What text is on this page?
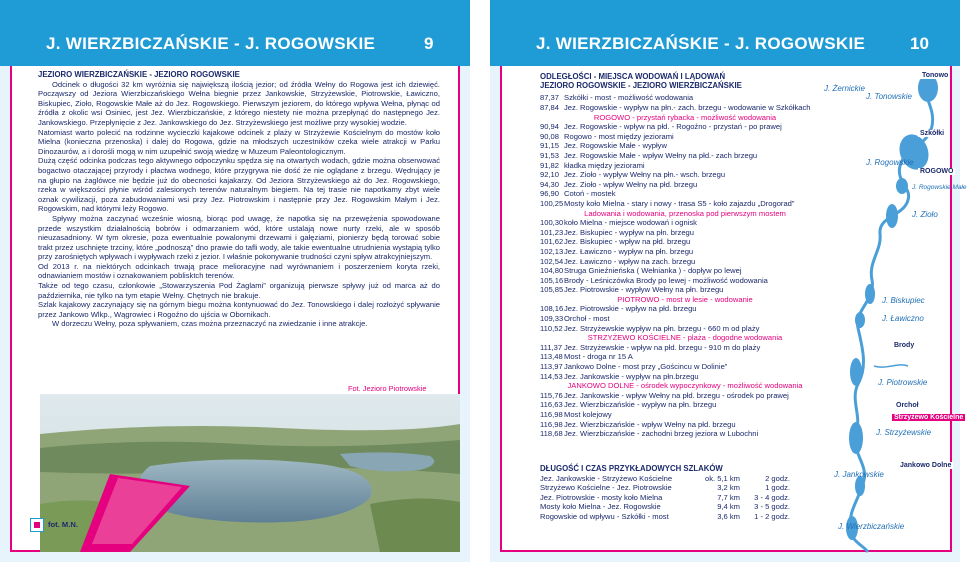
J. WIERZBICZAŃSKIE - J. ROGOWSKIE	9
JEZIORO WIERZBICZAŃSKIE - JEZIORO ROGOWSKIE

Odcinek o długości 32 km wyróżnia się największą ilością jezior; od źródła Wełny do Rogowa jest ich dziewięć. Począwszy od Jeziora Wierzbiczańskiego Wełna biegnie przez Jankowskie, Strzyżewskie, Piotrowskie, Ławiczno, Biskupiec, Zioło, Rogowskie Małe aż do Jez. Rogowskiego. Pierwszym jeziorem, do którego wpływa Wełna, płynąc od źródła z okolic wsi Osiniec, jest Jez. Wierzbiczańskie, z którego niestety nie można przepłynąć do następnego Jez. Jankowskiego. Przepłynięcie z Jez. Jankowskiego do Jez. Strzyżewskiego jest możliwe przy wysokiej wodzie.

Natomiast warto polecić na rodzinne wycieczki kajakowe odcinek z plaży w Strzyżewie Kościelnym do mostów koło Mielna (konieczna przenoska) i dalej do Rogowa, gdzie na młodszych uczestników czeka wiele atrakcji w Parku Dinozaurów, a i dorośli mogą w nim uzupełnić swoją wiedzę w Muzeum Paleontologicznym.

Dużą część odcinka podczas tego aktywnego odpoczynku spędza się na otwartych wodach, gdzie można obserwować bogactwo otaczającej przyrody i płactwa wodnego, które przygrywa nie dość że nie oglądane z brzegu. Wędrujący je na głupio na żaglówce nie będzie już do obecności kajakarzy. Od Jeziora Strzyżewskiego aż do Jez. Rogowskiego, rzeka w większości płynie wśród zalesionych terenów naturalnym biegiem. Na tej trasie nie napotkamy zbyt wiele oznak cywilizacji, poza zabudowaniami wsi przy Jez. Piotrowskim i następnie przy Jez. Rogowskim Małym i Jez. Rogowskim, nad którymi leży Rogowo.

Spływy można zaczynać wcześnie wiosną, biorąc pod uwagę, że napotka się na przewężenia spowodowane przede wszystkim działalnością bobrów i odmarzaniem wód, które ustalają nowe nurty rzeki, ale w sposób nieuzasadniony. W tym okresie, poza ewentualnie powalonymi drzewami i gałęziami, pionierzy będą torować sobie trakt przez uschnięte trzciny, które „podnoszą” dno prawie do tafli wody, ale takie ewentualne utrudnienia wystąpią tylko przy zarośniętych wpływach i wypływach rzeki z jezior. I właśnie pokonywanie trudności czyni spływ atrakcyjniejszym.

Od 2013 r. na niektórych odcinkach trwają prace melioracyjne nad wyrównaniem i poszerzeniem koryta rzeki, odnawianiem mostów i oznakowaniem poblisktch terenów.

Także od tego czasu, członkowie „Stowarzyszenia Pod Żaglami” organizują pierwsze spływy już od marca aż do października, nie tylko na tym etapie Wełny. Chętnych nie brakuje.

Szlak kajakowy zaczynający się na górnym biegu można kontynuować do Jez. Tonowskiego i dalej rozłożyć spływanie przez Jankowo Wlkp., Wągrowiec i Rogoźno do ujścia w Obornikach.

W dorzeczu Wełny, poza spływaniem, czas można przeznaczyć na zwiedzanie i inne atrakcje.

Fot. Jezioro Piotrowskie
fot. M.N.
J. WIERZBICZAŃSKIE - J. ROGOWSKIE	10
ODLEGŁOŚCI - MIEJSCA WODOWAŃ I LĄDOWAŃ
JEZIORO ROGOWSKIE - JEZIORO WIERZBICZAŃSKIE
87,37 Szkółki - most - możliwość wodowania
87,84 Jez. Rogowskie - wypływ na płn.- zach. brzegu - wodowanie w Szkółkach
ROGOWO - przystań rybacka - możliwość wodowania
90,94 Jez. Rogowskie - wpływ na płd. - Rogoźno - przystań - po prawej
90,08 Rogowo - most między jeziorami
91,15 Jez. Rogowskie Małe - wypływ
91,53 Jez. Rogowskie Małe - wpływ Wełny na płd.- zach brzegu
91,82 kładka między jeziorami
92,10 Jez. Zioło - wypływ Wełny na płn.- wsch. brzegu
94,30 Jez. Zioło - wpływ Wełny na płd. brzegu
96,90 Cotoń - mostek
100,25 Mosty koło Mielna - stary i nowy - trasa S5 - koło zajazdu „Drogorad”
Ladowania i wodowania, przenoska pod pierwszym mostem
100,30 koło Mielna - miejsce wodowań i ognisk
101,23 Jez. Biskupiec - wypływ na płn. brzegu
101,62 Jez. Biskupiec - wpływ na płd. brzegu
102,13 Jez. Ławiczno - wypływ na płn. brzegu
102,54 Jez. Ławiczno - wpływ na zach. brzegu
104,80 Struga Gnieźnieńska ( Wełnianka ) - dopływ po lewej
105,16 Brody - Leśniczówka Brody po lewej - możliwość wodowania
105,85 Jez. Piotrowskie - wypływ Wełny na płn. brzegu
PIOTROWO - most w lesie - wodowanie
108,16 Jez. Piotrowskie - wpływ na płd. brzegu
109,33 Orchoł - most
110,52 Jez. Strzyżewskie wypływ na płn. brzegu - 660 m od plaży
STRZYŻEWO KOŚCIELNE - plaża - dogodne wodowania
111,37 Jez. Strzyżewskie - wpływ na płd. brzegu - 910 m do plaży
113,48 Most - droga nr 15 A
113,97 Jankowo Dolne - most przy „Gościncu w Dolinie”
114,53 Jez. Jankowskie - wypływ na płn.brzegu
JANKOWO DOLNE - ośrodek wypoczynkowy - możliwość wodowania
115,76 Jez. Jankowskie - wpływ Wełny na płd. brzegu - ośrodek po prawej
116,63 Jez. Wierzbiczańskie - wypływ na płn. brzegu
116,98 Most kolejowy
116,98 Jez. Wierzbiczańskie - wpływ Wełny na płd. brzegu
118,68 Jez. Wierzbiczańskie - zachodni brzeg jeziora w Lubochni
DŁUGOŚĆ I CZAS PRZYKŁADOWYCH SZLAKÓW
Jez. Jankowskie - Strzyżewo Kościelne	ok. 5,1 km	2 godz.
Strzyżewo Kościelne - Jez. Piotrowskie	3,2 km	1 godz.
Jez. Piotrowskie - mosty koło Mielna	7,7 km	3 - 4 godz.
Mosty koło Mielna - Jez. Rogowskie	9,4 km	3 - 5 godz.
Rogowskie od wpływu - Szkółki - most	3,6 km	1 - 2 godz.
J. Żernickie
Tonowo
J. Tonowskie
Szkółki
J. Rogowskie
ROGOWO
J. Rogowskie Małe
J. Zioło
J. Biskupiec
J. Ławiczno
Brody
J. Piotrowskie
Orchoł
Strzyżewo Kościelne
J. Strzyżewskie
Jankowo Dolne
J. Jankowskie
J. Wierzbiczańskie
